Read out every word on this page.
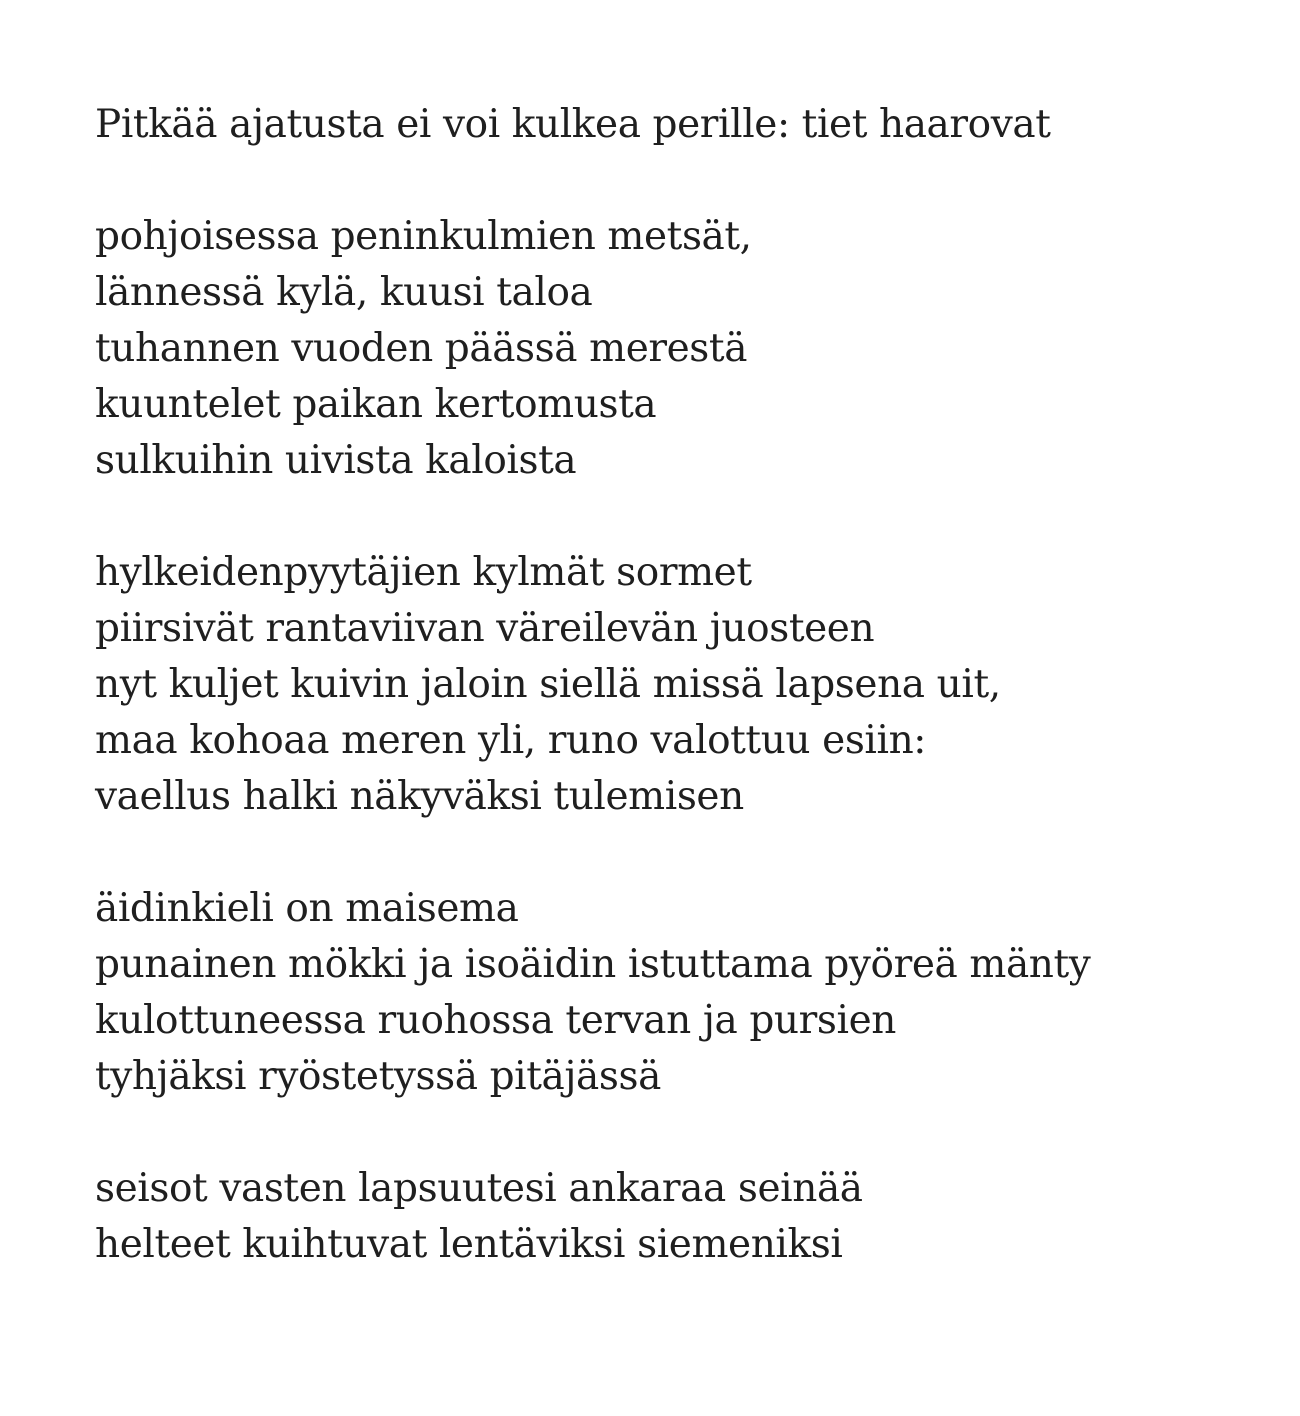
Pitkää ajatusta ei voi kulkea perille: tiet haarovat
pohjoisessa peninkulmien metsät,
lännessä kylä, kuusi taloa
tuhannen vuoden päässä merestä
kuuntelet paikan kertomusta
sulkuihin uivista kaloista
hylkeidenpyytäjien kylmät sormet
piirsivät rantaviivan väreilevän juosteen
nyt kuljet kuivin jaloin siellä missä lapsena uit,
maa kohoaa meren yli, runo valottuu esiin:
vaellus halki näkyväksi tulemisen
äidinkieli on maisema
punainen mökki ja isoäidin istuttama pyöreä mänty
kulottuneessa ruohossa tervan ja pursien
tyhjäksi ryöstetyssä pitäjässä
seisot vasten lapsuutesi ankaraa seinää
helteet kuihtuvat lentäviksi siemeniksi
